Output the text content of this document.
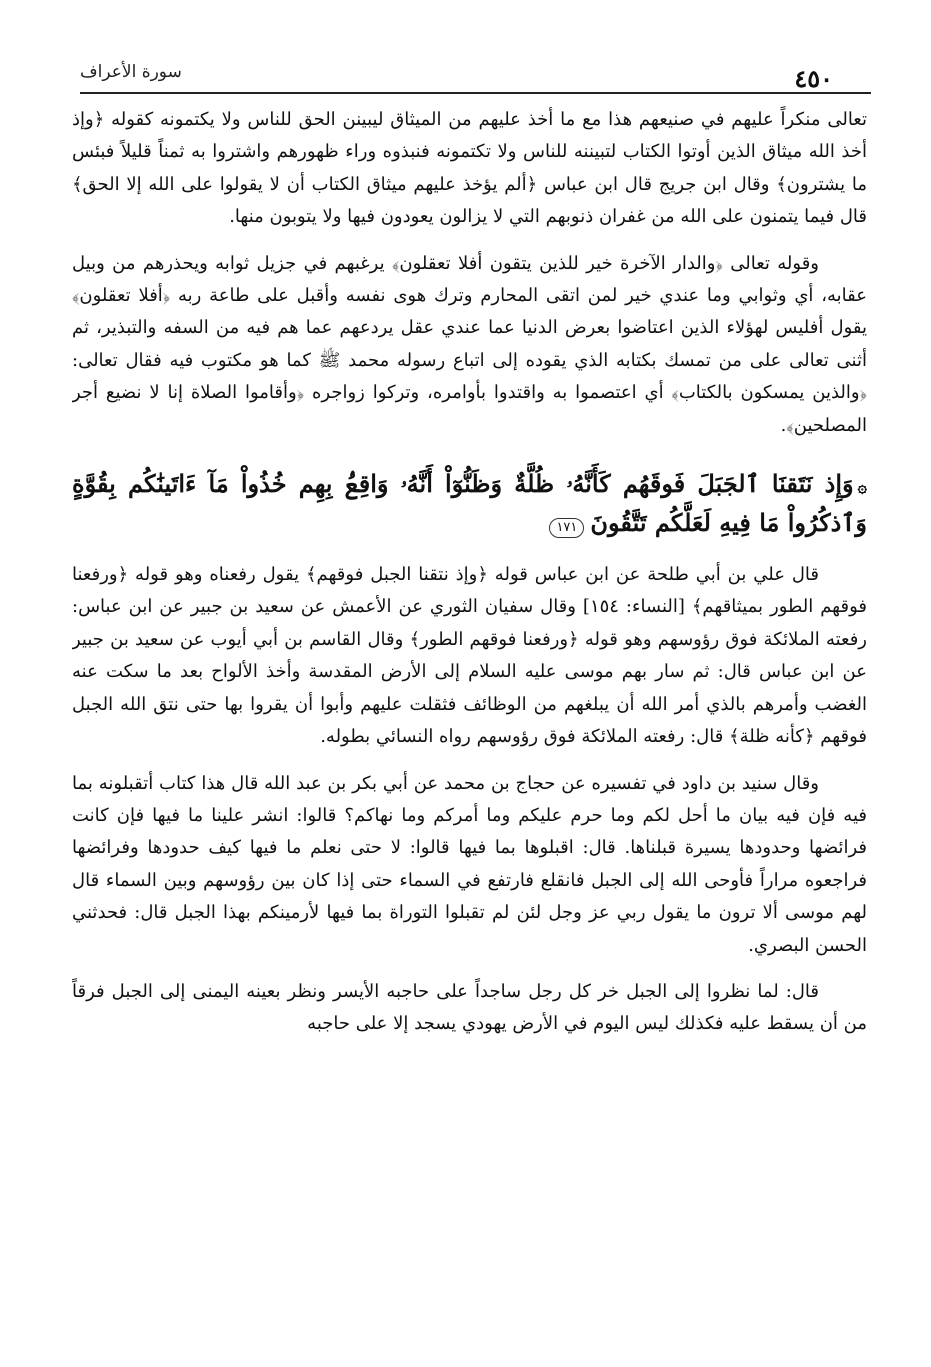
سورة الأعراف	٤٥٠

تعالى منكراً عليهم في صنيعهم هذا مع ما أخذ عليهم من الميثاق ليبينن الحق للناس ولا يكتمونه كقوله ﴿وإذ أخذ الله ميثاق الذين أوتوا الكتاب لتبيننه للناس ولا تكتمونه فنبذوه وراء ظهورهم واشتروا به ثمناً قليلاً فبئس ما يشترون﴾ وقال ابن جريج قال ابن عباس ﴿ألم يؤخذ عليهم ميثاق الكتاب أن لا يقولوا على الله إلا الحق﴾ قال فيما يتمنون على الله من غفران ذنوبهم التي لا يزالون يعودون فيها ولا يتوبون منها.

وقوله تعالى ﴿والدار الآخرة خير للذين يتقون أفلا تعقلون﴾ يرغبهم في جزيل ثوابه ويحذرهم من وبيل عقابه، أي وثوابي وما عندي خير لمن اتقى المحارم وترك هوى نفسه وأقبل على طاعة ربه ﴿أفلا تعقلون﴾ يقول أفليس لهؤلاء الذين اعتاضوا بعرض الدنيا عما عندي عقل يردعهم عما هم فيه من السفه والتبذير، ثم أثنى تعالى على من تمسك بكتابه الذي يقوده إلى اتباع رسوله محمد ﷺ كما هو مكتوب فيه فقال تعالى: ﴿والذين يمسكون بالكتاب﴾ أي اعتصموا به واقتدوا بأوامره، وتركوا زواجره ﴿وأقاموا الصلاة إنا لا نضيع أجر المصلحين﴾.

۞وَإِذ نَتَقنَا ٱلجَبَلَ فَوقَهُم كَأَنَّهُۥ ظُلَّةٌ وَظَنُّوٓاْ أَنَّهُۥ وَاقِعُۢ بِهِم خُذُواْ مَآ ءَاتَينَٰكُم بِقُوَّةٍ وَٱذكُرُواْ مَا فِيهِ لَعَلَّكُم تَتَّقُونَ١٧١

قال علي بن أبي طلحة عن ابن عباس قوله ﴿وإذ نتقنا الجبل فوقهم﴾ يقول رفعناه وهو قوله ﴿ورفعنا فوقهم الطور بميثاقهم﴾ [النساء: ١٥٤] وقال سفيان الثوري عن الأعمش عن سعيد بن جبير عن ابن عباس: رفعته الملائكة فوق رؤوسهم وهو قوله ﴿ورفعنا فوقهم الطور﴾ وقال القاسم بن أبي أيوب عن سعيد بن جبير عن ابن عباس قال: ثم سار بهم موسى عليه السلام إلى الأرض المقدسة وأخذ الألواح بعد ما سكت عنه الغضب وأمرهم بالذي أمر الله أن يبلغهم من الوظائف فثقلت عليهم وأبوا أن يقروا بها حتى نتق الله الجبل فوقهم ﴿كأنه ظلة﴾ قال: رفعته الملائكة فوق رؤوسهم رواه النسائي بطوله.

وقال سنيد بن داود في تفسيره عن حجاج بن محمد عن أبي بكر بن عبد الله قال هذا كتاب أتقبلونه بما فيه فإن فيه بيان ما أحل لكم وما حرم عليكم وما أمركم وما نهاكم؟ قالوا: انشر علينا ما فيها فإن كانت فرائضها وحدودها يسيرة قبلناها. قال: اقبلوها بما فيها قالوا: لا حتى نعلم ما فيها كيف حدودها وفرائضها فراجعوه مراراً فأوحى الله إلى الجبل فانقلع فارتفع في السماء حتى إذا كان بين رؤوسهم وبين السماء قال لهم موسى ألا ترون ما يقول ربي عز وجل لئن لم تقبلوا التوراة بما فيها لأرمينكم بهذا الجبل قال: فحدثني الحسن البصري.

قال: لما نظروا إلى الجبل خر كل رجل ساجداً على حاجبه الأيسر ونظر بعينه اليمنى إلى الجبل فرقاً من أن يسقط عليه فكذلك ليس اليوم في الأرض يهودي يسجد إلا على حاجبه
